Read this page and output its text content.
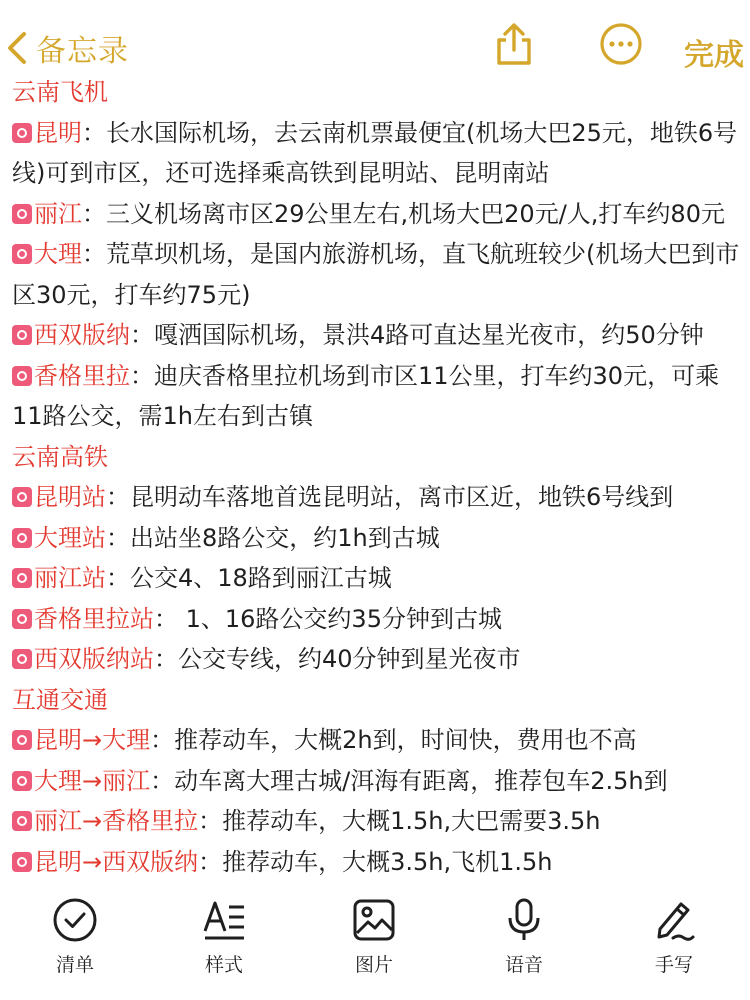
备忘录	完成
云南飞机
昆明：长水国际机场，去云南机票最便宜(机场大巴25元，地铁6号线)可到市区，还可选择乘高铁到昆明站、昆明南站
丽江：三义机场离市区29公里左右,机场大巴20元/人,打车约80元
大理：荒草坝机场，是国内旅游机场，直飞航班较少(机场大巴到市区30元，打车约75元)
西双版纳：嘎洒国际机场，景洪4路可直达星光夜市，约50分钟
香格里拉：迪庆香格里拉机场到市区11公里，打车约30元，可乘11路公交，需1h左右到古镇
云南高铁
昆明站：昆明动车落地首选昆明站，离市区近，地铁6号线到
大理站：出站坐8路公交，约1h到古城
丽江站：公交4、18路到丽江古城
香格里拉站： 1、16路公交约35分钟到古城
西双版纳站：公交专线，约40分钟到星光夜市
互通交通
昆明→大理：推荐动车，大概2h到，时间快，费用也不高
大理→丽江：动车离大理古城/洱海有距离，推荐包车2.5h到
丽江→香格里拉：推荐动车，大概1.5h,大巴需要3.5h
昆明→西双版纳：推荐动车，大概3.5h,飞机1.5h
清单	样式	图片	语音	手写
